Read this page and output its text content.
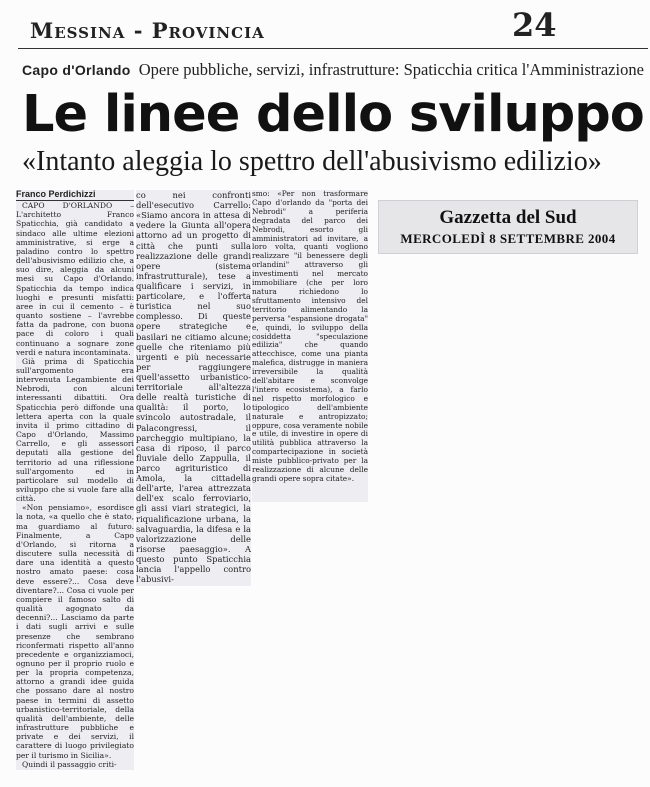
Messina - Provincia	24
Capo d'Orlando Opere pubbliche, servizi, infrastrutture: Spaticchia critica l'Amministrazione
Le linee dello sviluppo
«Intanto aleggia lo spettro dell'abusivismo edilizio»

Franco Perdichizzi

CAPO D'ORLANDO – L'architetto Franco Spaticchia, già candidato a sindaco alle ultime elezioni amministrative, si erge a paladino contro lo spettro dell'abusivismo edilizio che, a suo dire, aleggia da alcuni mesi su Capo d'Orlando. Spaticchia da tempo indica luoghi e presunti misfatti: aree in cui il cemento – è quanto sostiene – l'avrebbe fatta da padrone, con buona pace di coloro i quali continuano a sognare zone verdi e natura incontaminata.

Già prima di Spaticchia sull'argomento era intervenuta Legambiente dei Nebrodi, con alcuni interessanti dibattiti. Ora Spaticchia però diffonde una lettera aperta con la quale invita il primo cittadino di Capo d'Orlando, Massimo Carrello, e gli assessori deputati alla gestione del territorio ad una riflessione sull'argomento ed in particolare sul modello di sviluppo che si vuole fare alla città.

«Non pensiamo», esordisce la nota, «a quello che è stato, ma guardiamo al futuro. Finalmente, a Capo d'Orlando, si ritorna a discutere sulla necessità di dare una identità a questo nostro amato paese: cosa deve essere?... Cosa deve diventare?... Cosa ci vuole per compiere il famoso salto di qualità agognato da decenni?... Lasciamo da parte i dati sugli arrivi e sulle presenze che sembrano riconfermati rispetto all'anno precedente e organizziamoci, ognuno per il proprio ruolo e per la propria competenza, attorno a grandi idee guida che possano dare al nostro paese in termini di assetto urbanistico-territoriale, della qualità dell'ambiente, delle infrastrutture pubbliche e private e dei servizi, il carattere di luogo privilegiato per il turismo in Sicilia».

Quindi il passaggio criti-

co nei confronti dell'esecutivo Carrello: «Siamo ancora in attesa di vedere la Giunta all'opera attorno ad un progetto di città che punti sulla realizzazione delle grandi opere (sistema infrastrutturale), tese a qualificare i servizi, in particolare, e l'offerta turistica nel suo complesso. Di queste opere strategiche e basilari ne citiamo alcune; quelle che riteniamo più urgenti e più necessarie per raggiungere quell'assetto urbanistico-territoriale all'altezza delle realtà turistiche di qualità: il porto, lo svincolo autostradale, il Palacongressi, il parcheggio multipiano, la casa di riposo, il parco fluviale dello Zappulla, il parco agrituristico di Amola, la cittadella dell'arte, l'area attrezzata dell'ex scalo ferroviario, gli assi viari strategici, la riqualificazione urbana, la salvaguardia, la difesa e la valorizzazione delle risorse paesaggio». A questo punto Spaticchia lancia l'appello contro l'abusivi-

smo: «Per non trasformare Capo d'orlando da "porta dei Nebrodi" a periferia degradata del parco dei Nebrodi, esorto gli amministratori ad invitare, a loro volta, quanti vogliono realizzare "il benessere degli orlandini" attraverso gli investimenti nel mercato immobiliare (che per loro natura richiedono lo sfruttamento intensivo del territorio alimentando la perversa "espansione drogata" e, quindi, lo sviluppo della cosiddetta "speculazione edilizia" che quando attecchisce, come una pianta malefica, distrugge in maniera irreversibile la qualità dell'abitare e sconvolge l'intero ecosistema), a farlo nel rispetto morfologico e tipologico dell'ambiente naturale e antropizzato; oppure, cosa veramente nobile e utile, di investire in opere di utilità pubblica attraverso la compartecipazione in società miste pubblico-privato per la realizzazione di alcune delle grandi opere sopra citate».

Gazzetta del Sud
MERCOLEDÌ 8 SETTEMBRE 2004
